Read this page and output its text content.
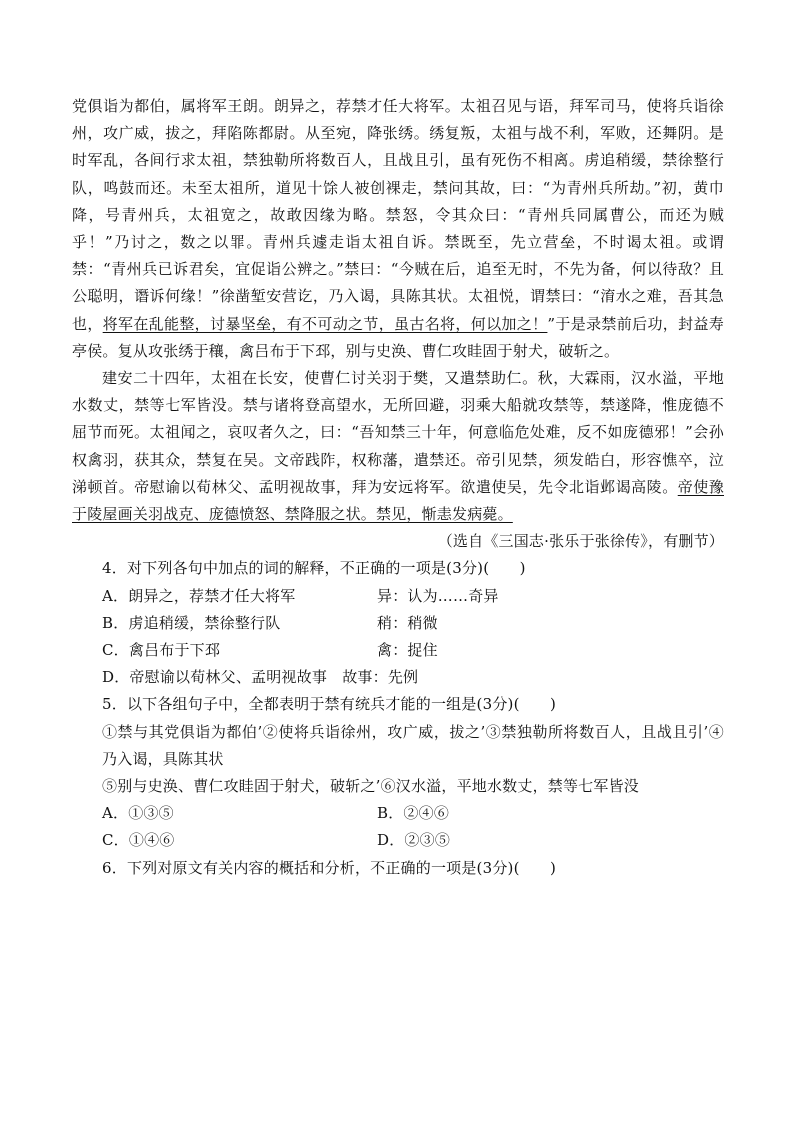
党俱诣为都伯，属将军王朗。朗异之，荐禁才任大将军。太祖召见与语，拜军司马，使将兵诣徐州，攻广威，拔之，拜陷陈都尉。从至宛，降张绣。绣复叛，太祖与战不利，军败，还舞阴。是时军乱，各间行求太祖，禁独勒所将数百人，且战且引，虽有死伤不相离。虏追稍缓，禁徐整行队，鸣鼓而还。未至太祖所，道见十馀人被创裸走，禁问其故，曰：“为青州兵所劫。”初，黄巾降，号青州兵，太祖宽之，故敢因缘为略。禁怒，令其众曰：“青州兵同属曹公，而还为贼乎！”乃讨之，数之以罪。青州兵遽走诣太祖自诉。禁既至，先立营垒，不时谒太祖。或谓禁：“青州兵已诉君矣，宜促诣公辨之。”禁曰：“今贼在后，追至无时，不先为备，何以待敌？且公聪明，谮诉何缘！”徐凿堑安营讫，乃入谒，具陈其状。太祖悦，谓禁曰：“淯水之难，吾其急也，将军在乱能整，讨暴坚垒，有不可动之节，虽古名将，何以加之！”于是录禁前后功，封益寿亭侯。复从攻张绣于穰，禽吕布于下邳，别与史涣、曹仁攻眭固于射犬，破斩之。

建安二十四年，太祖在长安，使曹仁讨关羽于樊，又遣禁助仁。秋，大霖雨，汉水溢，平地水数丈，禁等七军皆没。禁与诸将登高望水，无所回避，羽乘大船就攻禁等，禁遂降，惟庞德不屈节而死。太祖闻之，哀叹者久之，曰：“吾知禁三十年，何意临危处难，反不如庞德邪！”会孙权禽羽，获其众，禁复在吴。文帝践阼，权称藩，遣禁还。帝引见禁，须发皓白，形容憔卒，泣涕顿首。帝慰谕以荀林父、孟明视故事，拜为安远将军。欲遣使吴，先令北诣邺谒高陵。帝使豫于陵屋画关羽战克、庞德愤怒、禁降服之状。禁见，惭恚发病薨。

（选自《三国志·张乐于张徐传》，有删节）

4．对下列各句中加点的词的解释，不正确的一项是(3分)(　　)

A．朗异之，荐禁才任大将军	异：认为……奇异
B．虏追稍缓，禁徐整行队	稍：稍微
C．禽吕布于下邳	禽：捉住

D．帝慰谕以荀林父、孟明视故事　故事：先例

5．以下各组句子中，全都表明于禁有统兵才能的一组是(3分)(　　)

①禁与其党俱诣为都伯’②使将兵诣徐州，攻广威，拔之’③禁独勒所将数百人，且战且引’④乃入谒，具陈其状

⑤别与史涣、曹仁攻眭固于射犬，破斩之’⑥汉水溢，平地水数丈，禁等七军皆没

A．①③⑤	B．②④⑥
C．①④⑥	D．②③⑤

6．下列对原文有关内容的概括和分析，不正确的一项是(3分)(　　)
